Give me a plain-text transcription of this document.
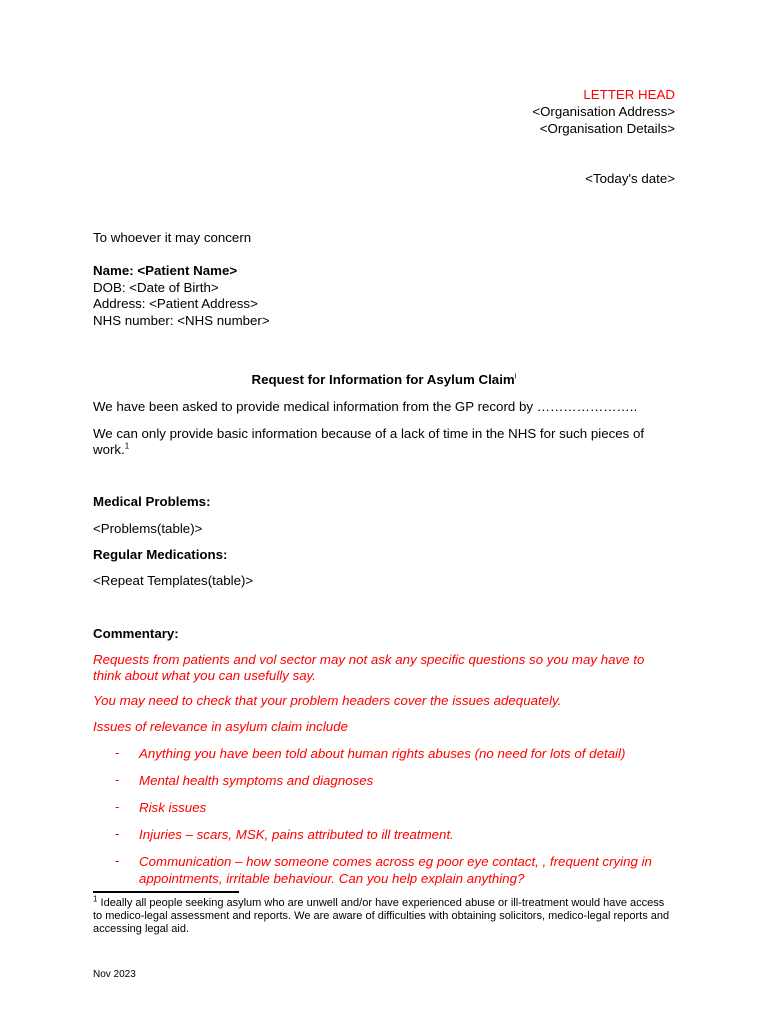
LETTER HEAD

<Organisation Address>

<Organisation Details>

<Today's date>

To whoever it may concern

Name: <Patient Name>

DOB: <Date of Birth>

Address: <Patient Address>

NHS number: <NHS number>

Request for Information for Asylum Claim$^i$

We have been asked to provide medical information from the GP record by …………………..

We can only provide basic information because of a lack of time in the NHS for such pieces of work.$^1$

Medical Problems:

<Problems(table)>

Regular Medications:

<Repeat Templates(table)>

Commentary:

Requests from patients and vol sector may not ask any specific questions so you may have to think about what you can usefully say.

You may need to check that your problem headers cover the issues adequately.

Issues of relevance in asylum claim include

- Anything you have been told about human rights abuses (no need for lots of detail)
- Mental health symptoms and diagnoses
- Risk issues
- Injuries – scars, MSK, pains attributed to ill treatment.
- Communication – how someone comes across eg poor eye contact, , frequent crying in appointments, irritable behaviour. Can you help explain anything?

$^1$ Ideally all people seeking asylum who are unwell and/or have experienced abuse or ill-treatment would have access to medico-legal assessment and reports. We are aware of difficulties with obtaining solicitors, medico-legal reports and accessing legal aid.

Nov 2023
